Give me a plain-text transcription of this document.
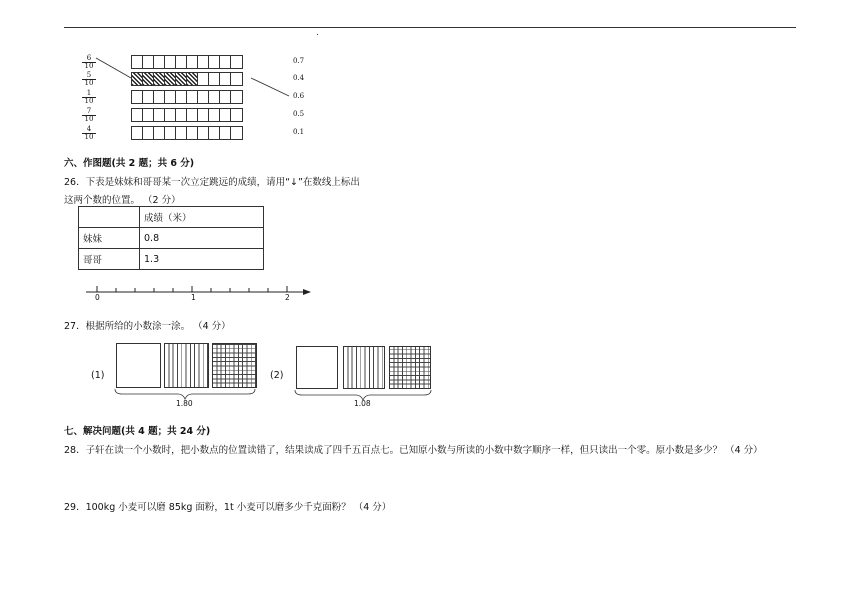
.
$\frac{6}{10}$
$\frac{5}{10}$
$\frac{1}{10}$
$\frac{7}{10}$
$\frac{4}{10}$
0.7
0.4
0.6
0.5
0.1
六、作图题(共 2 题；共 6 分)
26．下表是妹妹和哥哥某一次立定跳远的成绩，请用“↓”在数线上标出
这两个数的位置。 （2 分）
	成绩（米）
妹妹	0.8
哥哥	1.3
0	1	2
27．根据所给的小数涂一涂。 （4 分）
(1)
1.80
(2)
1.08
七、解决问题(共 4 题；共 24 分)
28．子轩在读一个小数时，把小数点的位置读错了，结果读成了四千五百点七。已知原小数与所读的小数中数字顺序一样，但只读出一个零。原小数是多少？ （4 分）
29．100kg 小麦可以磨 85kg 面粉，1t 小麦可以磨多少千克面粉？ （4 分）
